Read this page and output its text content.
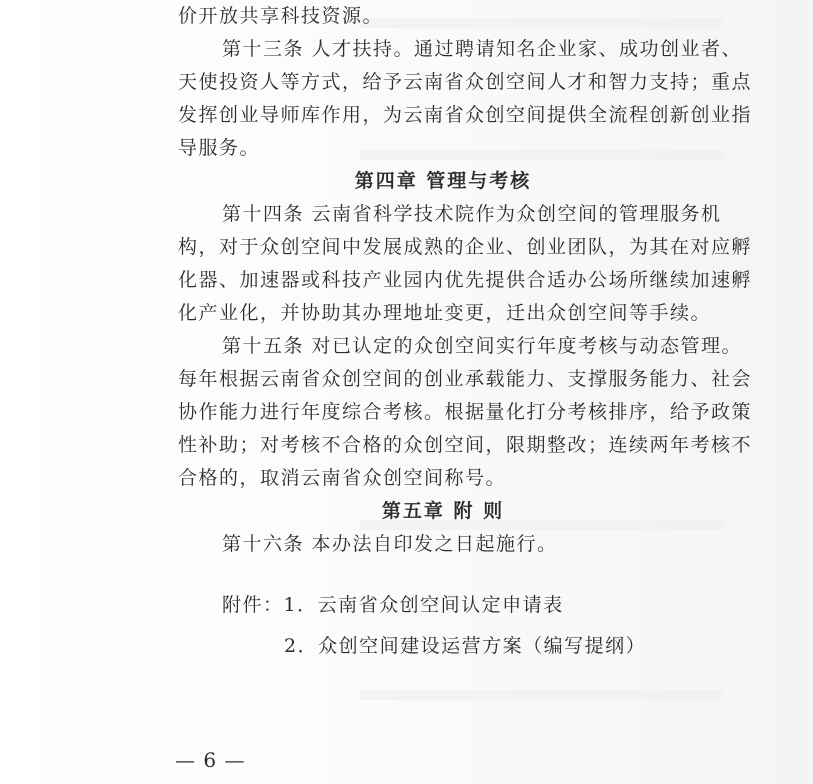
价开放共享科技资源。
第十三条 人才扶持。通过聘请知名企业家、成功创业者、
天使投资人等方式，给予云南省众创空间人才和智力支持；重点
发挥创业导师库作用，为云南省众创空间提供全流程创新创业指
导服务。
第四章 管理与考核
第十四条 云南省科学技术院作为众创空间的管理服务机
构，对于众创空间中发展成熟的企业、创业团队，为其在对应孵
化器、加速器或科技产业园内优先提供合适办公场所继续加速孵
化产业化，并协助其办理地址变更，迁出众创空间等手续。
第十五条 对已认定的众创空间实行年度考核与动态管理。
每年根据云南省众创空间的创业承载能力、支撑服务能力、社会
协作能力进行年度综合考核。根据量化打分考核排序，给予政策
性补助；对考核不合格的众创空间，限期整改；连续两年考核不
合格的，取消云南省众创空间称号。
第五章 附 则
第十六条 本办法自印发之日起施行。
附件：1．云南省众创空间认定申请表
2．众创空间建设运营方案（编写提纲）
— 6 —
